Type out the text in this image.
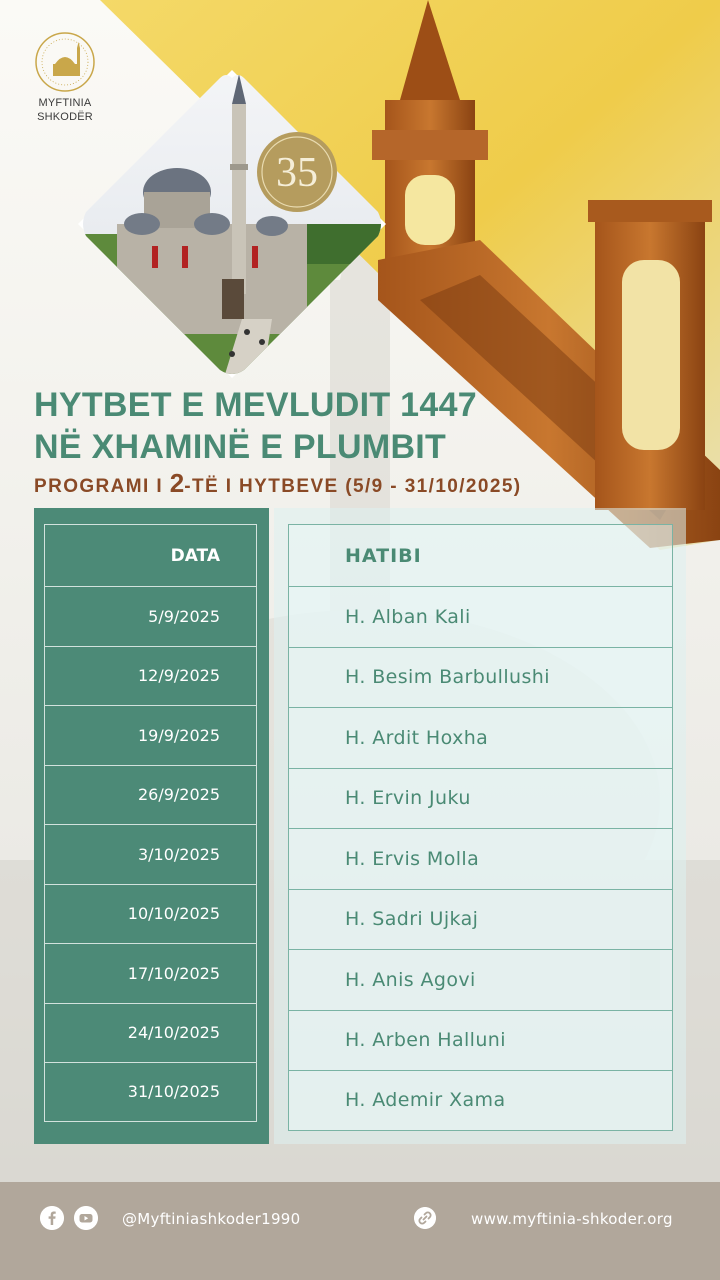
MYFTINIA
SHKODËR
35
HYTBET E MEVLUDIT 1447
NË XHAMINË E PLUMBIT
PROGRAMI I 2-TË I HYTBEVE (5/9 - 31/10/2025)
DATA
5/9/2025
12/9/2025
19/9/2025
26/9/2025
3/10/2025
10/10/2025
17/10/2025
24/10/2025
31/10/2025
HATIBI
H. Alban Kali
H. Besim Barbullushi
H. Ardit Hoxha
H. Ervin Juku
H. Ervis Molla
H. Sadri Ujkaj
H. Anis Agovi
H. Arben Halluni
H. Ademir Xama
@Myftiniashkoder1990	www.myftinia-shkoder.org
